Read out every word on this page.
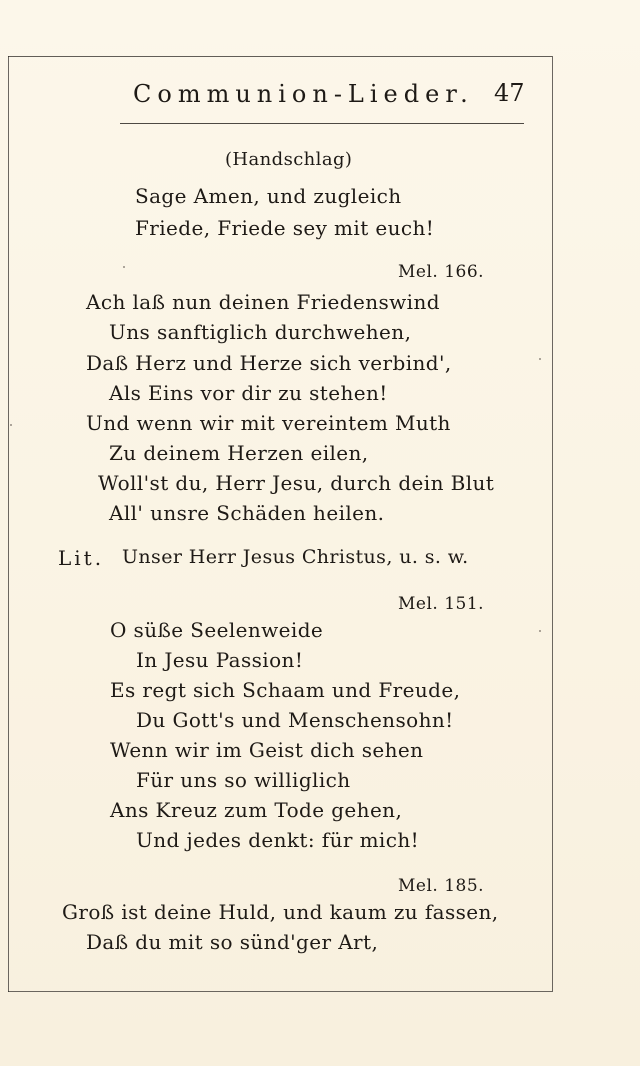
Communion-Lieder. 47
(Handschlag)
Sage Amen, und zugleich
Friede, Friede sey mit euch!
Mel. 166.
Ach laß nun deinen Friedenswind
Uns sanftiglich durchwehen,
Daß Herz und Herze sich verbind',
Als Eins vor dir zu stehen!
Und wenn wir mit vereintem Muth
Zu deinem Herzen eilen,
Woll'st du, Herr Jesu, durch dein Blut
All' unsre Schäden heilen.
Lit. Unser Herr Jesus Christus, u. s. w.
Mel. 151.
O süße Seelenweide
In Jesu Passion!
Es regt sich Schaam und Freude,
Du Gott's und Menschensohn!
Wenn wir im Geist dich sehen
Für uns so williglich
Ans Kreuz zum Tode gehen,
Und jedes denkt: für mich!
Mel. 185.
Groß ist deine Huld, und kaum zu fassen,
Daß du mit so sünd'ger Art,
